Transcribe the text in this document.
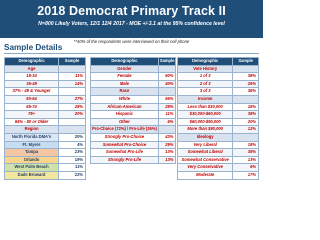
2018 Democrat Primary Track II
N=800 Likely Voters, 12/1 12/4 2017 - MOE +/-3.1 at the 95% confidence level
**40% of the respondents were interviewed on their cell phone
Sample Details
Demographic	Sample
Age	
18-34	11%
35-49	14%
37% - 49 & Younger	
50-64	27%
65-74	28%
75+	20%
64% - 50 or Older	
Region	
North Florida DMA's	20%
Ft. Myers	4%
Tampa	23%
Orlando	19%
West Palm Beach	11%
Dade Broward	22%
Demographic	Sample
Gender	
Female	60%
Male	40%
Race	
White	56%
African-American	28%
Hispanic	11%
Other	6%
Pro-Choice (72%) / Pro-Life (26%)	
Strongly Pro-Choice	43%
Somewhat Pro-Choice	29%
Somewhat Pro-Life	13%
Strongly Pro-Life	13%
Demographic	Sample
Vote History	
1 of 3	38%
2 of 3	26%
3 of 3	36%
Income	
Less than $30,000	15%
$30,000-$60,000	38%
$60,000-$90,000	20%
More than $90,000	12%
Ideology	
Very Liberal	18%
Somewhat Liberal	38%
Somewhat Conservative	13%
Very Conservative	6%
Moderate	17%
